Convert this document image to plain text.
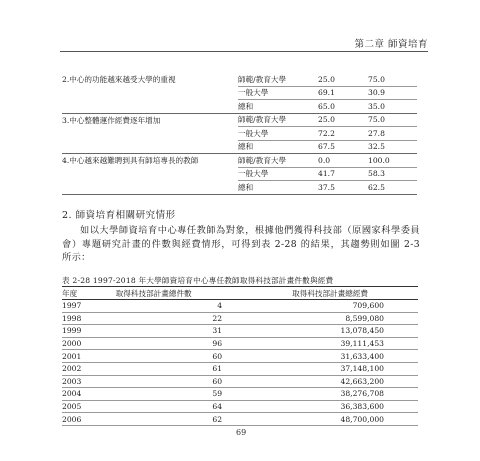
第二章 師資培育
2.中心的功能越來越受大學的重視	師範/教育大學	25.0	75.0
	一般大學	69.1	30.9
	總和	65.0	35.0
3.中心整體運作經費逐年增加	師範/教育大學	25.0	75.0
	一般大學	72.2	27.8
	總和	67.5	32.5
4.中心越來越難聘到具有師培專長的教師	師範/教育大學	0.0	100.0
	一般大學	41.7	58.3
	總和	37.5	62.5
2. 師資培育相關研究情形
如以大學師資培育中心專任教師為對象，根據他們獲得科技部（原國家科學委員會）專題研究計畫的件數與經費情形，可得到表 2-28 的結果，其趨勢則如圖 2-3 所示：
表 2-28 1997-2018 年大學師資培育中心專任教師取得科技部計畫件數與經費
年度	取得科技部計畫總件數	取得科技部計畫總經費
1997	4	709,600
1998	22	8,599,080
1999	31	13,078,450
2000	96	39,111,453
2001	60	31,633,400
2002	61	37,148,100
2003	60	42,663,200
2004	59	38,276,708
2005	64	36,383,600
2006	62	48,700,000
69
